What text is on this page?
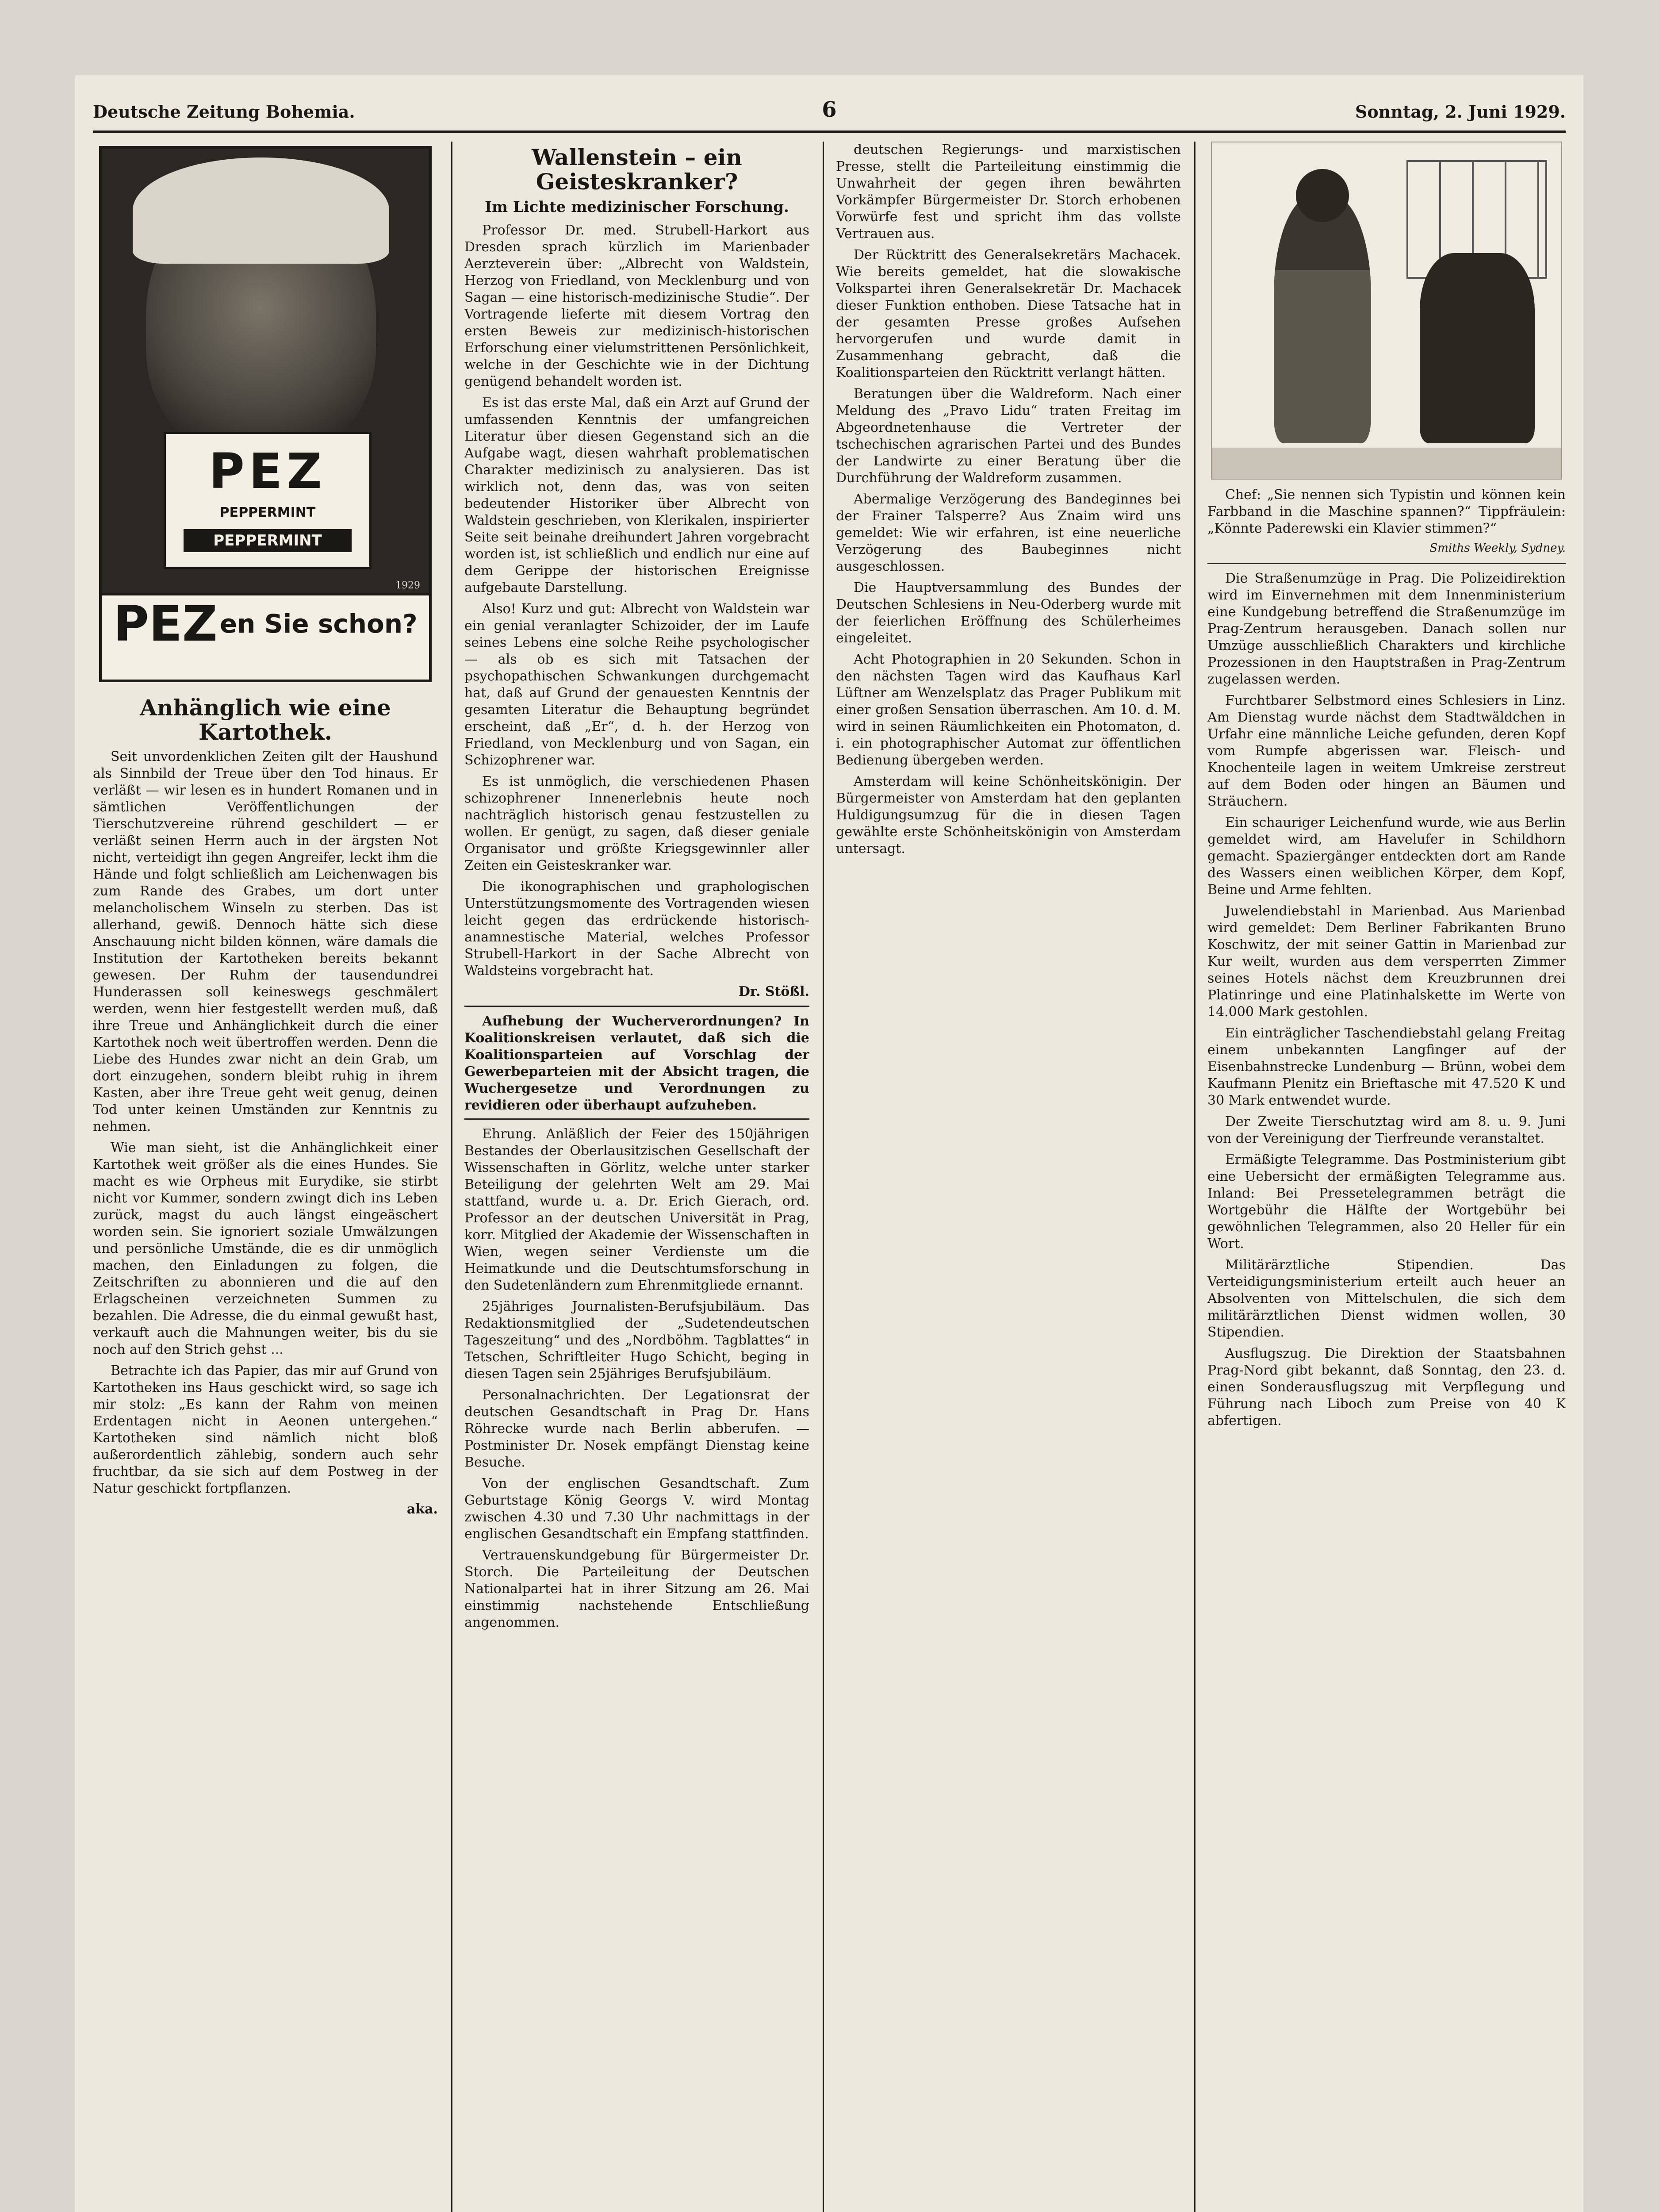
Deutsche Zeitung Bohemia.	6	Sonntag, 2. Juni 1929.
PEZ
PEPPERMINT
PEPPERMINT
1929
PEZ en Sie schon?
Anhänglich wie eine Kartothek.

Seit unvordenklichen Zeiten gilt der Haushund als Sinnbild der Treue über den Tod hinaus. Er verläßt — wir lesen es in hundert Romanen und in sämtlichen Veröffentlichungen der Tierschutzvereine rührend geschildert — er verläßt seinen Herrn auch in der ärgsten Not nicht, verteidigt ihn gegen Angreifer, leckt ihm die Hände und folgt schließlich am Leichenwagen bis zum Rande des Grabes, um dort unter melancholischem Winseln zu sterben. Das ist allerhand, gewiß. Dennoch hätte sich diese Anschauung nicht bilden können, wäre damals die Institution der Kartotheken bereits bekannt gewesen. Der Ruhm der tausendundrei Hunderassen soll keineswegs geschmälert werden, wenn hier festgestellt werden muß, daß ihre Treue und Anhänglichkeit durch die einer Kartothek noch weit übertroffen werden. Denn die Liebe des Hundes zwar nicht an dein Grab, um dort einzugehen, sondern bleibt ruhig in ihrem Kasten, aber ihre Treue geht weit genug, deinen Tod unter keinen Umständen zur Kenntnis zu nehmen.

Wie man sieht, ist die Anhänglichkeit einer Kartothek weit größer als die eines Hundes. Sie macht es wie Orpheus mit Eurydike, sie stirbt nicht vor Kummer, sondern zwingt dich ins Leben zurück, magst du auch längst eingeäschert worden sein. Sie ignoriert soziale Umwälzungen und persönliche Umstände, die es dir unmöglich machen, den Einladungen zu folgen, die Zeitschriften zu abonnieren und die auf den Erlagscheinen verzeichneten Summen zu bezahlen. Die Adresse, die du einmal gewußt hast, verkauft auch die Mahnungen weiter, bis du sie noch auf den Strich gehst ...

Betrachte ich das Papier, das mir auf Grund von Kartotheken ins Haus geschickt wird, so sage ich mir stolz: „Es kann der Rahm von meinen Erdentagen nicht in Aeonen untergehen.“ Kartotheken sind nämlich nicht bloß außerordentlich zählebig, sondern auch sehr fruchtbar, da sie sich auf dem Postweg in der Natur geschickt fortpflanzen.

aka.
Wallenstein – ein Geisteskranker?
Im Lichte medizinischer Forschung.

Professor Dr. med. Strubell-Harkort aus Dresden sprach kürzlich im Marienbader Aerzteverein über: „Albrecht von Waldstein, Herzog von Friedland, von Mecklenburg und von Sagan — eine historisch-medizinische Studie“. Der Vortragende lieferte mit diesem Vortrag den ersten Beweis zur medizinisch-historischen Erforschung einer vielumstrittenen Persönlichkeit, welche in der Geschichte wie in der Dichtung genügend behandelt worden ist.

Es ist das erste Mal, daß ein Arzt auf Grund der umfassenden Kenntnis der umfangreichen Literatur über diesen Gegenstand sich an die Aufgabe wagt, diesen wahrhaft problematischen Charakter medizinisch zu analysieren. Das ist wirklich not, denn das, was von seiten bedeutender Historiker über Albrecht von Waldstein geschrieben, von Klerikalen, inspirierter Seite seit beinahe dreihundert Jahren vorgebracht worden ist, ist schließlich und endlich nur eine auf dem Gerippe der historischen Ereignisse aufgebaute Darstellung.

Also! Kurz und gut: Albrecht von Waldstein war ein genial veranlagter Schizoider, der im Laufe seines Lebens eine solche Reihe psychologischer — als ob es sich mit Tatsachen der psychopathischen Schwankungen durchgemacht hat, daß auf Grund der genauesten Kenntnis der gesamten Literatur die Behauptung begründet erscheint, daß „Er“, d. h. der Herzog von Friedland, von Mecklenburg und von Sagan, ein Schizophrener war.

Es ist unmöglich, die verschiedenen Phasen schizophrener Innenerlebnis heute noch nachträglich historisch genau festzustellen zu wollen. Er genügt, zu sagen, daß dieser geniale Organisator und größte Kriegsgewinnler aller Zeiten ein Geisteskranker war.

Die ikonographischen und graphologischen Unterstützungsmomente des Vortragenden wiesen leicht gegen das erdrückende historisch-anamnestische Material, welches Professor Strubell-Harkort in der Sache Albrecht von Waldsteins vorgebracht hat.

Dr. Stößl.

Aufhebung der Wucherverordnungen? In Koalitionskreisen verlautet, daß sich die Koalitionsparteien auf Vorschlag der Gewerbeparteien mit der Absicht tragen, die Wuchergesetze und Verordnungen zu revidieren oder überhaupt aufzuheben.

Ehrung. Anläßlich der Feier des 150jährigen Bestandes der Oberlausitzischen Gesellschaft der Wissenschaften in Görlitz, welche unter starker Beteiligung der gelehrten Welt am 29. Mai stattfand, wurde u. a. Dr. Erich Gierach, ord. Professor an der deutschen Universität in Prag, korr. Mitglied der Akademie der Wissenschaften in Wien, wegen seiner Verdienste um die Heimatkunde und die Deutschtumsforschung in den Sudetenländern zum Ehrenmitgliede ernannt.

25jähriges Journalisten-Berufsjubiläum. Das Redaktionsmitglied der „Sudetendeutschen Tageszeitung“ und des „Nordböhm. Tagblattes“ in Tetschen, Schriftleiter Hugo Schicht, beging in diesen Tagen sein 25jähriges Berufsjubiläum.

Personalnachrichten. Der Legationsrat der deutschen Gesandtschaft in Prag Dr. Hans Röhrecke wurde nach Berlin abberufen. — Postminister Dr. Nosek empfängt Dienstag keine Besuche.

Von der englischen Gesandtschaft. Zum Geburtstage König Georgs V. wird Montag zwischen 4.30 und 7.30 Uhr nachmittags in der englischen Gesandtschaft ein Empfang stattfinden.

Vertrauenskundgebung für Bürgermeister Dr. Storch. Die Parteileitung der Deutschen Nationalpartei hat in ihrer Sitzung am 26. Mai einstimmig nachstehende Entschließung angenommen.

deutschen Regierungs- und marxistischen Presse, stellt die Parteileitung einstimmig die Unwahrheit der gegen ihren bewährten Vorkämpfer Bürgermeister Dr. Storch erhobenen Vorwürfe fest und spricht ihm das vollste Vertrauen aus.

Der Rücktritt des Generalsekretärs Machacek. Wie bereits gemeldet, hat die slowakische Volkspartei ihren Generalsekretär Dr. Machacek dieser Funktion enthoben. Diese Tatsache hat in der gesamten Presse großes Aufsehen hervorgerufen und wurde damit in Zusammenhang gebracht, daß die Koalitionsparteien den Rücktritt verlangt hätten.

Beratungen über die Waldreform. Nach einer Meldung des „Pravo Lidu“ traten Freitag im Abgeordnetenhause die Vertreter der tschechischen agrarischen Partei und des Bundes der Landwirte zu einer Beratung über die Durchführung der Waldreform zusammen.

Abermalige Verzögerung des Bandeginnes bei der Frainer Talsperre? Aus Znaim wird uns gemeldet: Wie wir erfahren, ist eine neuerliche Verzögerung des Baubeginnes nicht ausgeschlossen.

Die Hauptversammlung des Bundes der Deutschen Schlesiens in Neu-Oderberg wurde mit der feierlichen Eröffnung des Schülerheimes eingeleitet.

Acht Photographien in 20 Sekunden. Schon in den nächsten Tagen wird das Kaufhaus Karl Lüftner am Wenzelsplatz das Prager Publikum mit einer großen Sensation überraschen. Am 10. d. M. wird in seinen Räumlichkeiten ein Photomaton, d. i. ein photographischer Automat zur öffentlichen Bedienung übergeben werden.

Amsterdam will keine Schönheitskönigin. Der Bürgermeister von Amsterdam hat den geplanten Huldigungsumzug für die in diesen Tagen gewählte erste Schönheitskönigin von Amsterdam untersagt.

Chef: „Sie nennen sich Typistin und können kein Farbband in die Maschine spannen?“ Tippfräulein: „Könnte Paderewski ein Klavier stimmen?“

Smiths Weekly, Sydney.

Die Straßenumzüge in Prag. Die Polizeidirektion wird im Einvernehmen mit dem Innenministerium eine Kundgebung betreffend die Straßenumzüge im Prag-Zentrum herausgeben. Danach sollen nur Umzüge ausschließlich Charakters und kirchliche Prozessionen in den Hauptstraßen in Prag-Zentrum zugelassen werden.

Furchtbarer Selbstmord eines Schlesiers in Linz. Am Dienstag wurde nächst dem Stadtwäldchen in Urfahr eine männliche Leiche gefunden, deren Kopf vom Rumpfe abgerissen war. Fleisch- und Knochenteile lagen in weitem Umkreise zerstreut auf dem Boden oder hingen an Bäumen und Sträuchern.

Ein schauriger Leichenfund wurde, wie aus Berlin gemeldet wird, am Havelufer in Schildhorn gemacht. Spaziergänger entdeckten dort am Rande des Wassers einen weiblichen Körper, dem Kopf, Beine und Arme fehlten.

Juwelendiebstahl in Marienbad. Aus Marienbad wird gemeldet: Dem Berliner Fabrikanten Bruno Koschwitz, der mit seiner Gattin in Marienbad zur Kur weilt, wurden aus dem versperrten Zimmer seines Hotels nächst dem Kreuzbrunnen drei Platinringe und eine Platinhalskette im Werte von 14.000 Mark gestohlen.

Ein einträglicher Taschendiebstahl gelang Freitag einem unbekannten Langfinger auf der Eisenbahnstrecke Lundenburg — Brünn, wobei dem Kaufmann Plenitz ein Brieftasche mit 47.520 K und 30 Mark entwendet wurde.

Der Zweite Tierschutztag wird am 8. u. 9. Juni von der Vereinigung der Tierfreunde veranstaltet.

Ermäßigte Telegramme. Das Postministerium gibt eine Uebersicht der ermäßigten Telegramme aus. Inland: Bei Pressetelegrammen beträgt die Wortgebühr die Hälfte der Wortgebühr bei gewöhnlichen Telegrammen, also 20 Heller für ein Wort.

Militärärztliche Stipendien. Das Verteidigungsministerium erteilt auch heuer an Absolventen von Mittelschulen, die sich dem militärärztlichen Dienst widmen wollen, 30 Stipendien.

Ausflugszug. Die Direktion der Staatsbahnen Prag-Nord gibt bekannt, daß Sonntag, den 23. d. einen Sonderausflugszug mit Verpflegung und Führung nach Liboch zum Preise von 40 K abfertigen.
